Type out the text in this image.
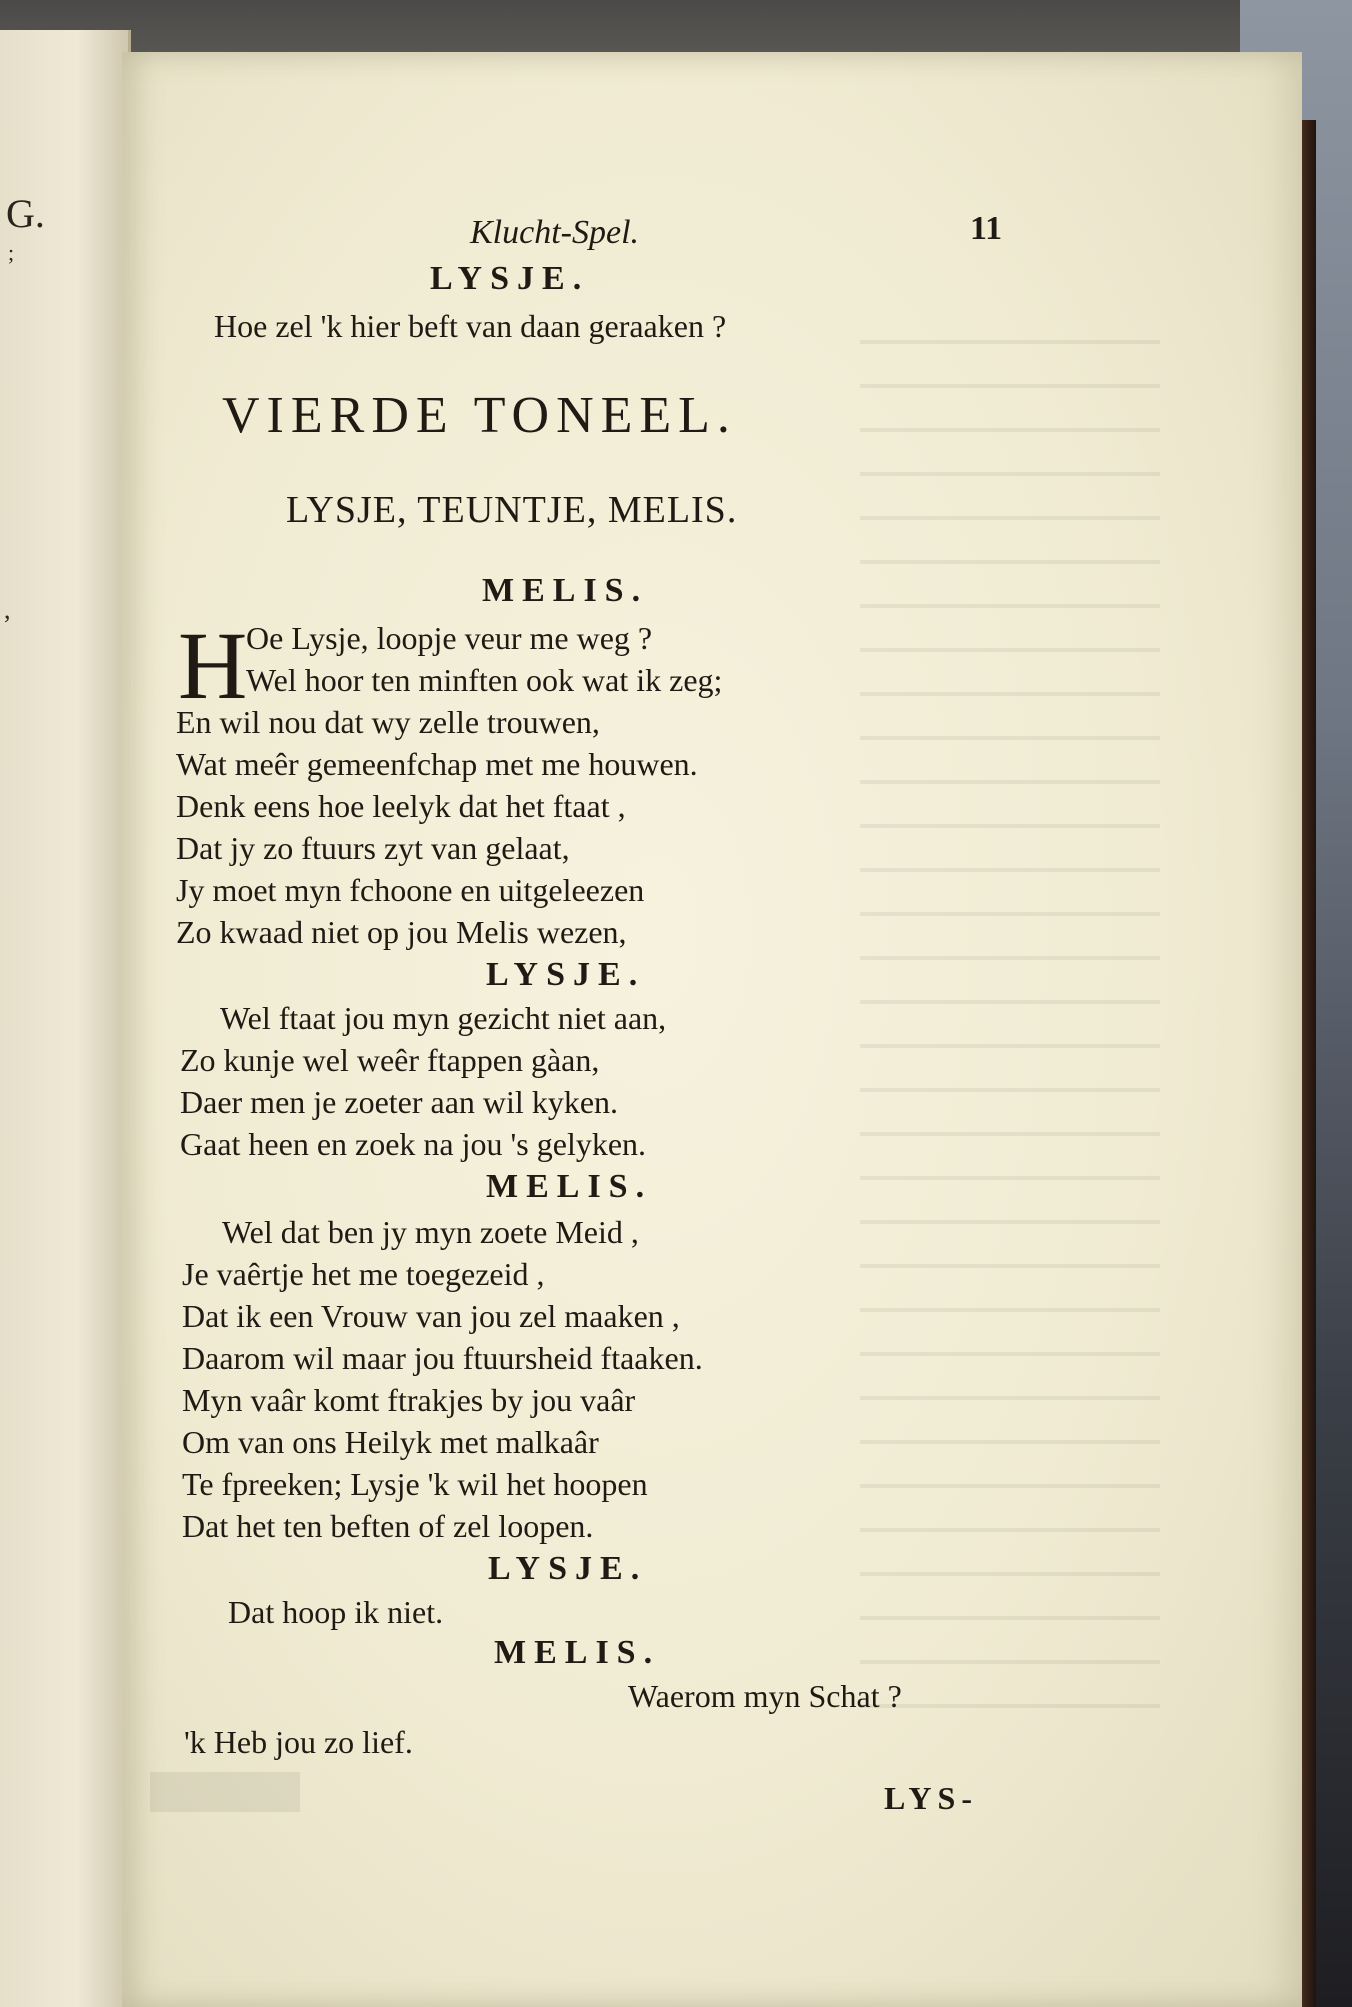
G.
;
,
Klucht-Spel.	11
LYSJE.
Hoe zel 'k hier beft van daan geraaken ?
VIERDE TONEEL.
LYSJE, TEUNTJE, MELIS.
MELIS.
H
Oe Lysje, loopje veur me weg ?
Wel hoor ten minften ook wat ik zeg;
En wil nou dat wy zelle trouwen,
Wat meêr gemeenfchap met me houwen.
Denk eens hoe leelyk dat het ftaat ,
Dat jy zo ftuurs zyt van gelaat,
Jy moet myn fchoone en uitgeleezen
Zo kwaad niet op jou Melis wezen,
LYSJE.
Wel ftaat jou myn gezicht niet aan,
Zo kunje wel weêr ftappen gàan,
Daer men je zoeter aan wil kyken.
Gaat heen en zoek na jou 's gelyken.
MELIS.
Wel dat ben jy myn zoete Meid ,
Je vaêrtje het me toegezeid ,
Dat ik een Vrouw van jou zel maaken ,
Daarom wil maar jou ftuursheid ftaaken.
Myn vaâr komt ftrakjes by jou vaâr
Om van ons Heilyk met malkaâr
Te fpreeken; Lysje 'k wil het hoopen
Dat het ten beften of zel loopen.
LYSJE.
Dat hoop ik niet.
MELIS.
Waerom myn Schat ?
'k Heb jou zo lief.
LYS-
